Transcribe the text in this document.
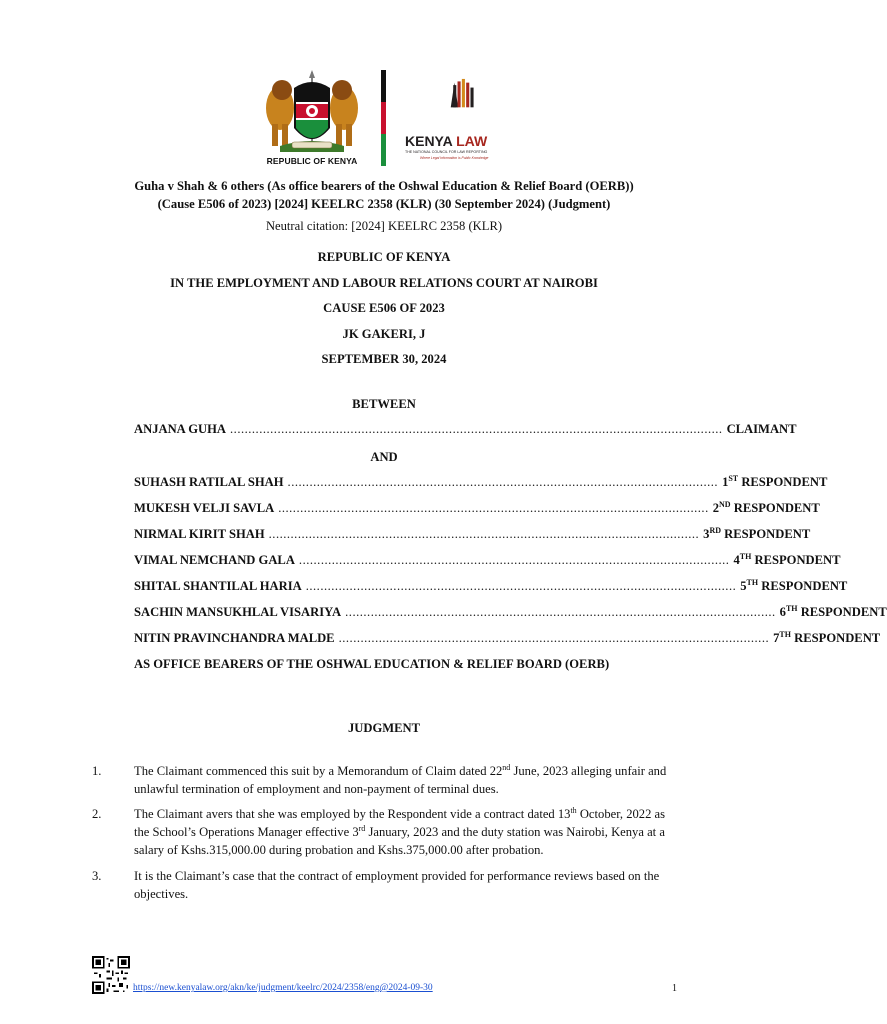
REPUBLIC OF KENYA
KENYA LAW
THE NATIONAL COUNCIL FOR LAW REPORTING
Where Legal Information is Public Knowledge
Guha v Shah & 6 others (As office bearers of the Oshwal Education & Relief Board (OERB))
(Cause E506 of 2023) [2024] KEELRC 2358 (KLR) (30 September 2024) (Judgment)
Neutral citation: [2024] KEELRC 2358 (KLR)
REPUBLIC OF KENYA
IN THE EMPLOYMENT AND LABOUR RELATIONS COURT AT NAIROBI
CAUSE E506 OF 2023
JK GAKERI, J
SEPTEMBER 30, 2024
BETWEEN
ANJANA GUHA ....................................................................................................................................... CLAIMANT
AND
SUHASH RATILAL SHAH ...................................................................................................................... 1ST RESPONDENT
MUKESH VELJI SAVLA ...................................................................................................................... 2ND RESPONDENT
NIRMAL KIRIT SHAH ...................................................................................................................... 3RD RESPONDENT
VIMAL NEMCHAND GALA ...................................................................................................................... 4TH RESPONDENT
SHITAL SHANTILAL HARIA ...................................................................................................................... 5TH RESPONDENT
SACHIN MANSUKHLAL VISARIYA ...................................................................................................................... 6TH RESPONDENT
NITIN PRAVINCHANDRA MALDE ...................................................................................................................... 7TH RESPONDENT
AS OFFICE BEARERS OF THE OSHWAL EDUCATION & RELIEF BOARD (OERB)
JUDGMENT
1.	The Claimant commenced this suit by a Memorandum of Claim dated 22nd June, 2023 alleging unfair and unlawful termination of employment and non-payment of terminal dues.
2.	The Claimant avers that she was employed by the Respondent vide a contract dated 13th October, 2022 as the School’s Operations Manager effective 3rd January, 2023 and the duty station was Nairobi, Kenya at a salary of Kshs.315,000.00 during probation and Kshs.375,000.00 after probation.
3.	It is the Claimant’s case that the contract of employment provided for performance reviews based on the objectives.
https://new.kenyalaw.org/akn/ke/judgment/keelrc/2024/2358/eng@2024-09-30	1
